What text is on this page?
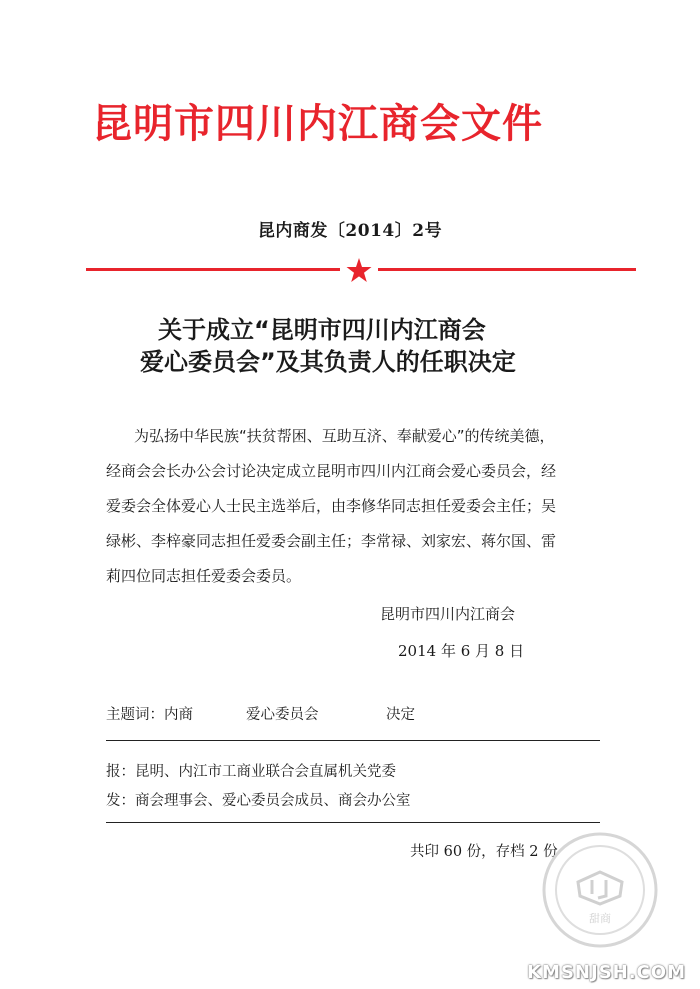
昆明市四川内江商会文件
昆内商发〔2014〕2号
关于成立“昆明市四川内江商会
爱心委员会”及其负责人的任职决定
为弘扬中华民族“扶贫帮困、互助互济、奉献爱心”的传统美德，
经商会会长办公会讨论决定成立昆明市四川内江商会爱心委员会，经
爱委会全体爱心人士民主选举后，由李修华同志担任爱委会主任；吴
绿彬、李梓豪同志担任爱委会副主任；李常禄、刘家宏、蒋尔国、雷
莉四位同志担任爱委会委员。
昆明市四川内江商会
2014 年 6 月 8 日
主题词：内商	爱心委员会	决定
报：昆明、内江市工商业联合会直属机关党委
发：商会理事会、爱心委员会成员、商会办公室
共印 60 份，存档 2 份
甜商
KMSNJSH.COM
